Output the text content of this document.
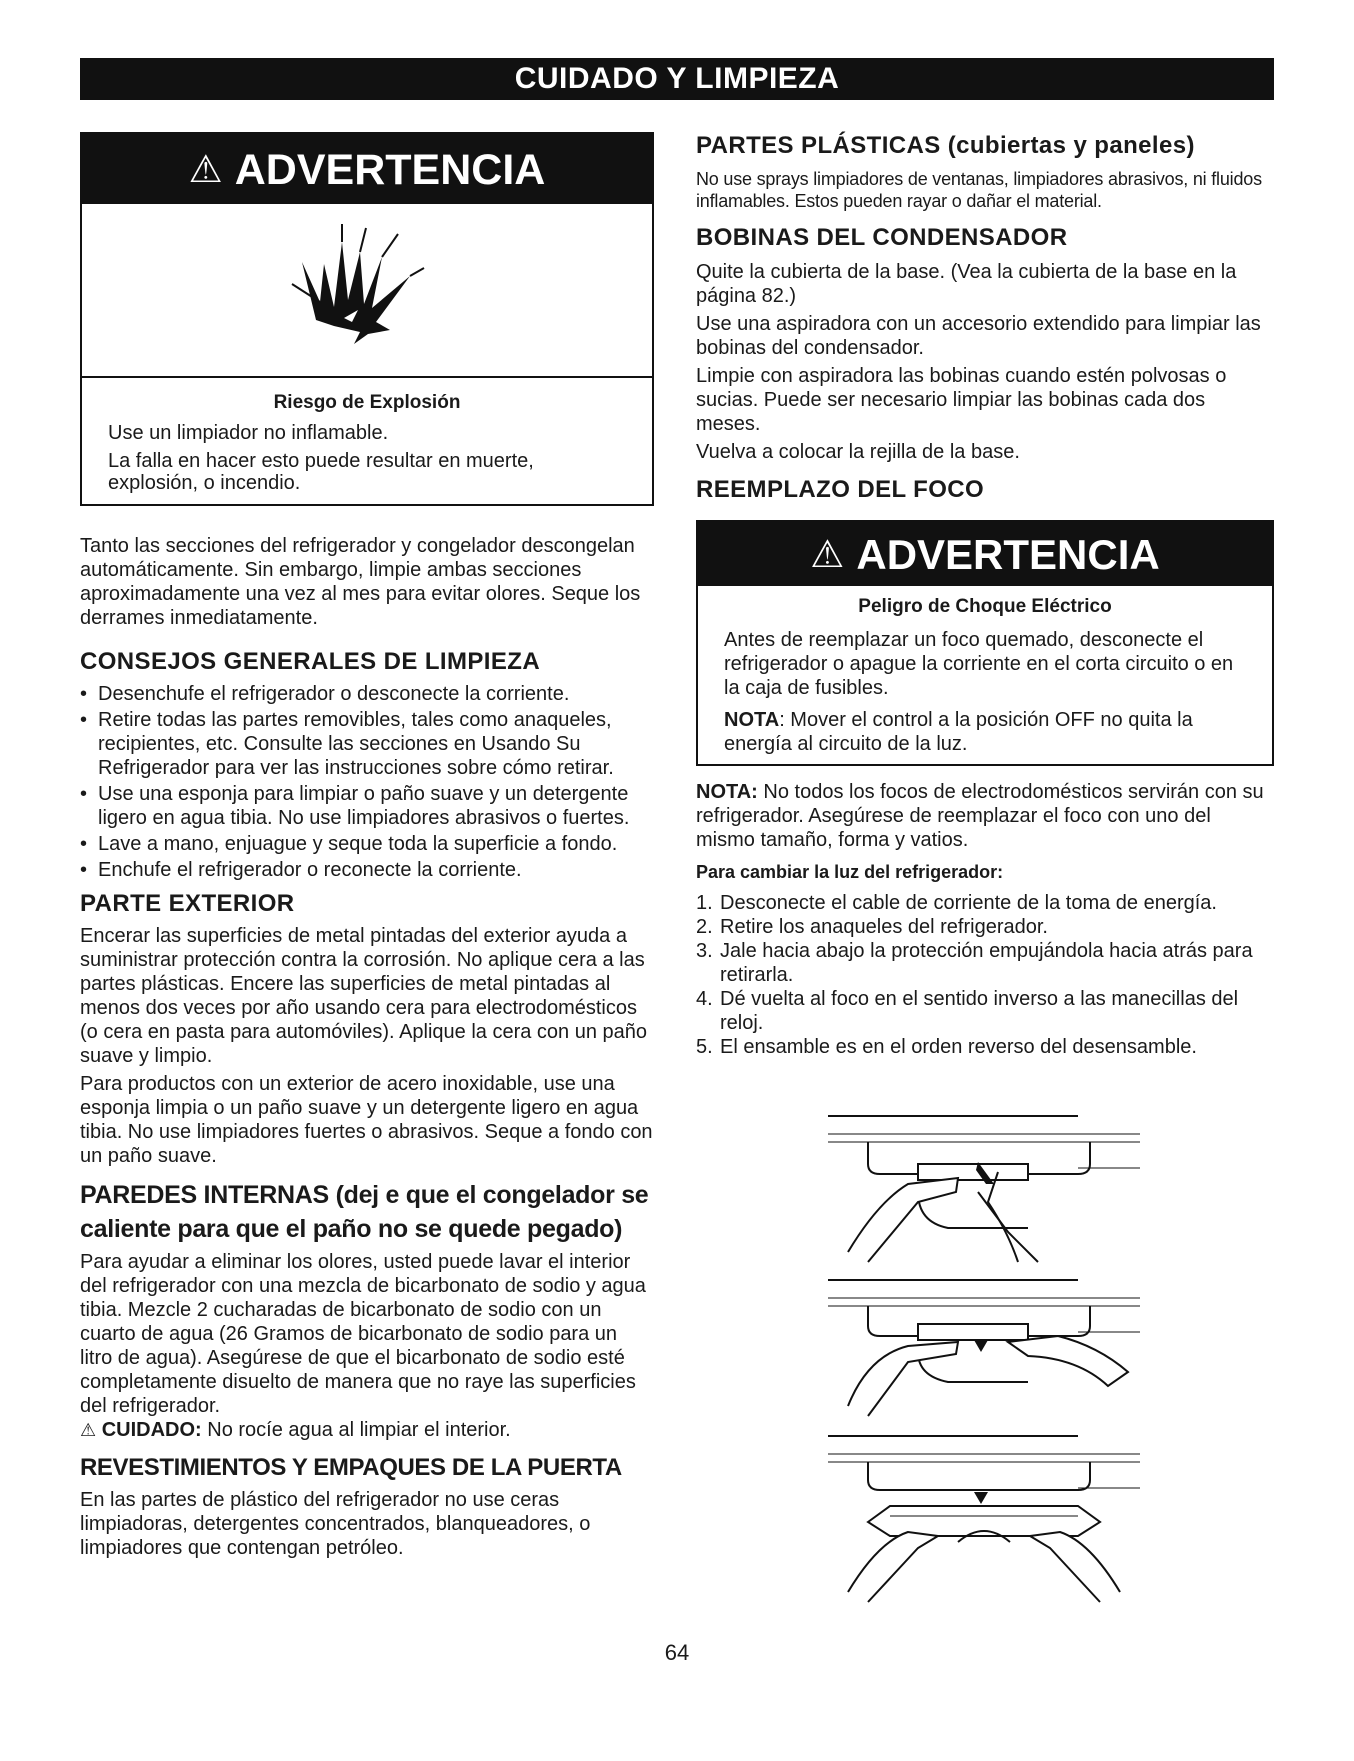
CUIDADO Y LIMPIEZA
⚠ ADVERTENCIA
Riesgo de Explosión

Use un limpiador no inflamable.

La falla en hacer esto puede resultar en muerte, explosión, o incendio.

Tanto las secciones del refrigerador y congelador descongelan automáticamente. Sin embargo, limpie ambas secciones aproximadamente una vez al mes para evitar olores. Seque los derrames inmediatamente.

CONSEJOS GENERALES DE LIMPIEZA
• Desenchufe el refrigerador o desconecte la corriente.
• Retire todas las partes removibles, tales como anaqueles, recipientes, etc. Consulte las secciones en Usando Su Refrigerador para ver las instrucciones sobre cómo retirar.
• Use una esponja para limpiar o paño suave y un detergente ligero en agua tibia. No use limpiadores abrasivos o fuertes.
• Lave a mano, enjuague y seque toda la superficie a fondo.
• Enchufe el refrigerador o reconecte la corriente.
PARTE EXTERIOR

Encerar las superficies de metal pintadas del exterior ayuda a suministrar protección contra la corrosión. No aplique cera a las partes plásticas. Encere las superficies de metal pintadas al menos dos veces por año usando cera para electrodomésticos (o cera en pasta para automóviles). Aplique la cera con un paño suave y limpio.

Para productos con un exterior de acero inoxidable, use una esponja limpia o un paño suave y un detergente ligero en agua tibia. No use limpiadores fuertes o abrasivos. Seque a fondo con un paño suave.

PAREDES INTERNAS (dej e que el congelador se caliente para que el paño no se quede pegado)

Para ayudar a eliminar los olores, usted puede lavar el interior del refrigerador con una mezcla de bicarbonato de sodio y agua tibia. Mezcle 2 cucharadas de bicarbonato de sodio con un cuarto de agua (26 Gramos de bicarbonato de sodio para un litro de agua). Asegúrese de que el bicarbonato de sodio esté completamente disuelto de manera que no raye las superficies del refrigerador.

⚠ CUIDADO: No rocíe agua al limpiar el interior.

REVESTIMIENTOS Y EMPAQUES DE LA PUERTA

En las partes de plástico del refrigerador no use ceras limpiadoras, detergentes concentrados, blanqueadores, o limpiadores que contengan petróleo.

PARTES PLÁSTICAS (cubiertas y paneles)

No use sprays limpiadores de ventanas, limpiadores abrasivos, ni fluidos inflamables. Estos pueden rayar o dañar el material.

BOBINAS DEL CONDENSADOR

Quite la cubierta de la base. (Vea la cubierta de la base en la página 82.)

Use una aspiradora con un accesorio extendido para limpiar las bobinas del condensador.

Limpie con aspiradora las bobinas cuando estén polvosas o sucias. Puede ser necesario limpiar las bobinas cada dos meses.

Vuelva a colocar la rejilla de la base.

REEMPLAZO DEL FOCO
⚠ ADVERTENCIA
Peligro de Choque Eléctrico

Antes de reemplazar un foco quemado, desconecte el refrigerador o apague la corriente en el corta circuito o en la caja de fusibles.

NOTA: Mover el control a la posición OFF no quita la energía al circuito de la luz.

NOTA: No todos los focos de electrodomésticos servirán con su refrigerador. Asegúrese de reemplazar el foco con uno del mismo tamaño, forma y vatios.

Para cambiar la luz del refrigerador:

1. Desconecte el cable de corriente de la toma de energía.
2. Retire los anaqueles del refrigerador.
3. Jale hacia abajo la protección empujándola hacia atrás para retirarla.
4. Dé vuelta al foco en el sentido inverso a las manecillas del reloj.
5. El ensamble es en el orden reverso del desensamble.
64
